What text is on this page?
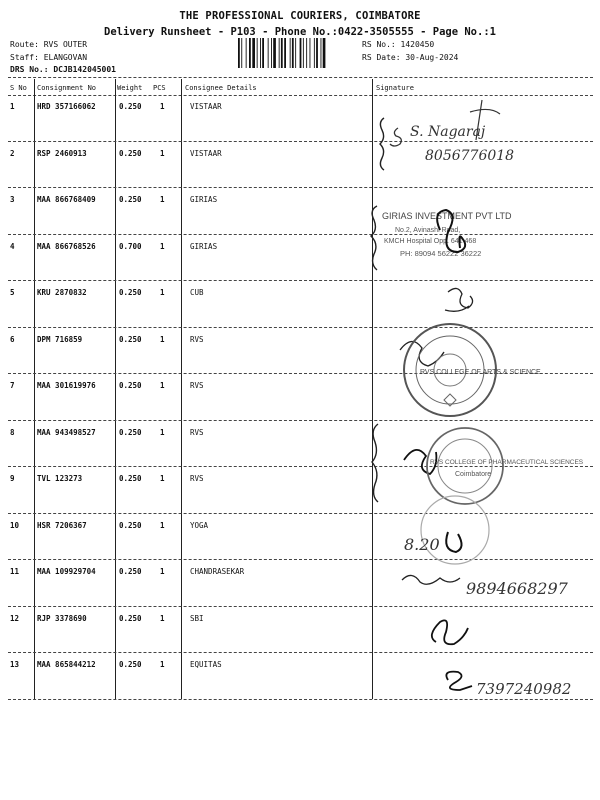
THE PROFESSIONAL COURIERS, COIMBATORE
Delivery Runsheet - P103 - Phone No.:0422-3505555 - Page No.:1
Route: RVS OUTER
Staff: ELANGOVAN
DRS No.: DCJB142045001
RS No.: 1420450
RS Date: 30-Aug-2024
S No Consignment No	Weight PCS	Consignee Details	Signature
1	HRD 357166062	0.250 1	VISTAAR
2	RSP 2460913	0.250 1	VISTAAR
3	MAA 866768409	0.250 1	GIRIAS
4	MAA 866768526	0.700 1	GIRIAS
5	KRU 2870832	0.250 1	CUB
6	DPM 716859	0.250 1	RVS
7	MAA 301619976	0.250 1	RVS
8	MAA 943498527	0.250 1	RVS
9	TVL 123273	0.250 1	RVS
10 HSR 7206367	0.250 1	YOGA
11 MAA 109929704	0.250 1	CHANDRASEKAR
12 RJP 3378690	0.250 1	SBI
13 MAA 865844212	0.250 1	EQUITAS
S. Nagaraj
8056776018
GIRIAS INVESTMENT PVT LTD
No.2, Avinashi Road,
KMCH Hospital Opp. 641 468
PH: 89094 56222 36222
RVS COLLEGE OF ARTS & SCIENCE
RVS COLLEGE OF PHARMACEUTICAL SCIENCES
Coimbatore
8.20
9894668297
7397240982
